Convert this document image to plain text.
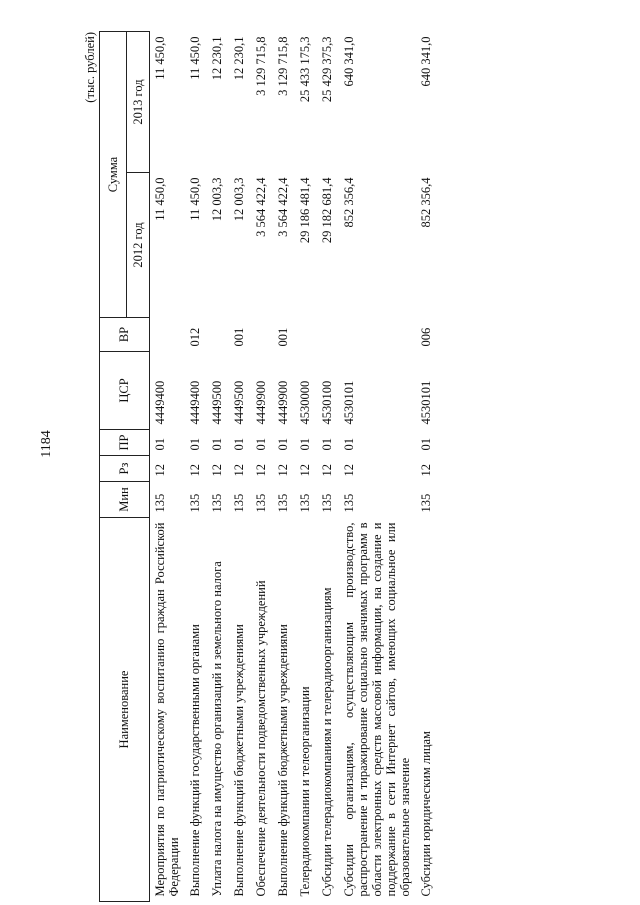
1184
(тыс. рублей)
Наименование	Мин	Рз	ПР	ЦСР	ВР	Сумма	
						2012 год	2013 год
Мероприятия по патриотическому воспитанию граждан Российской Федерации	135	12	01	4449400		11 450,0	11 450,0
Выполнение функций государственными органами	135	12	01	4449400	012	11 450,0	11 450,0
Уплата налога на имущество организаций и земельного налога	135	12	01	4449500		12 003,3	12 230,1
Выполнение функций бюджетными учреждениями	135	12	01	4449500	001	12 003,3	12 230,1
Обеспечение деятельности подведомственных учреждений	135	12	01	4449900		3 564 422,4	3 129 715,8
Выполнение функций бюджетными учреждениями	135	12	01	4449900	001	3 564 422,4	3 129 715,8
Телерадиокомпании и телеорганизации	135	12	01	4530000		29 186 481,4	25 433 175,3
Субсидии телерадиокомпаниям и телерадиоорганизациям	135	12	01	4530100		29 182 681,4	25 429 375,3
Субсидии организациям, осуществляющим производство, распространение и тиражирование социально значимых программ в области электронных средств массовой информации, на создание и поддержание в сети Интернет сайтов, имеющих социальное или образовательное значение	135	12	01	4530101		852 356,4	640 341,0
Субсидии юридическим лицам	135	12	01	4530101	006	852 356,4	640 341,0
